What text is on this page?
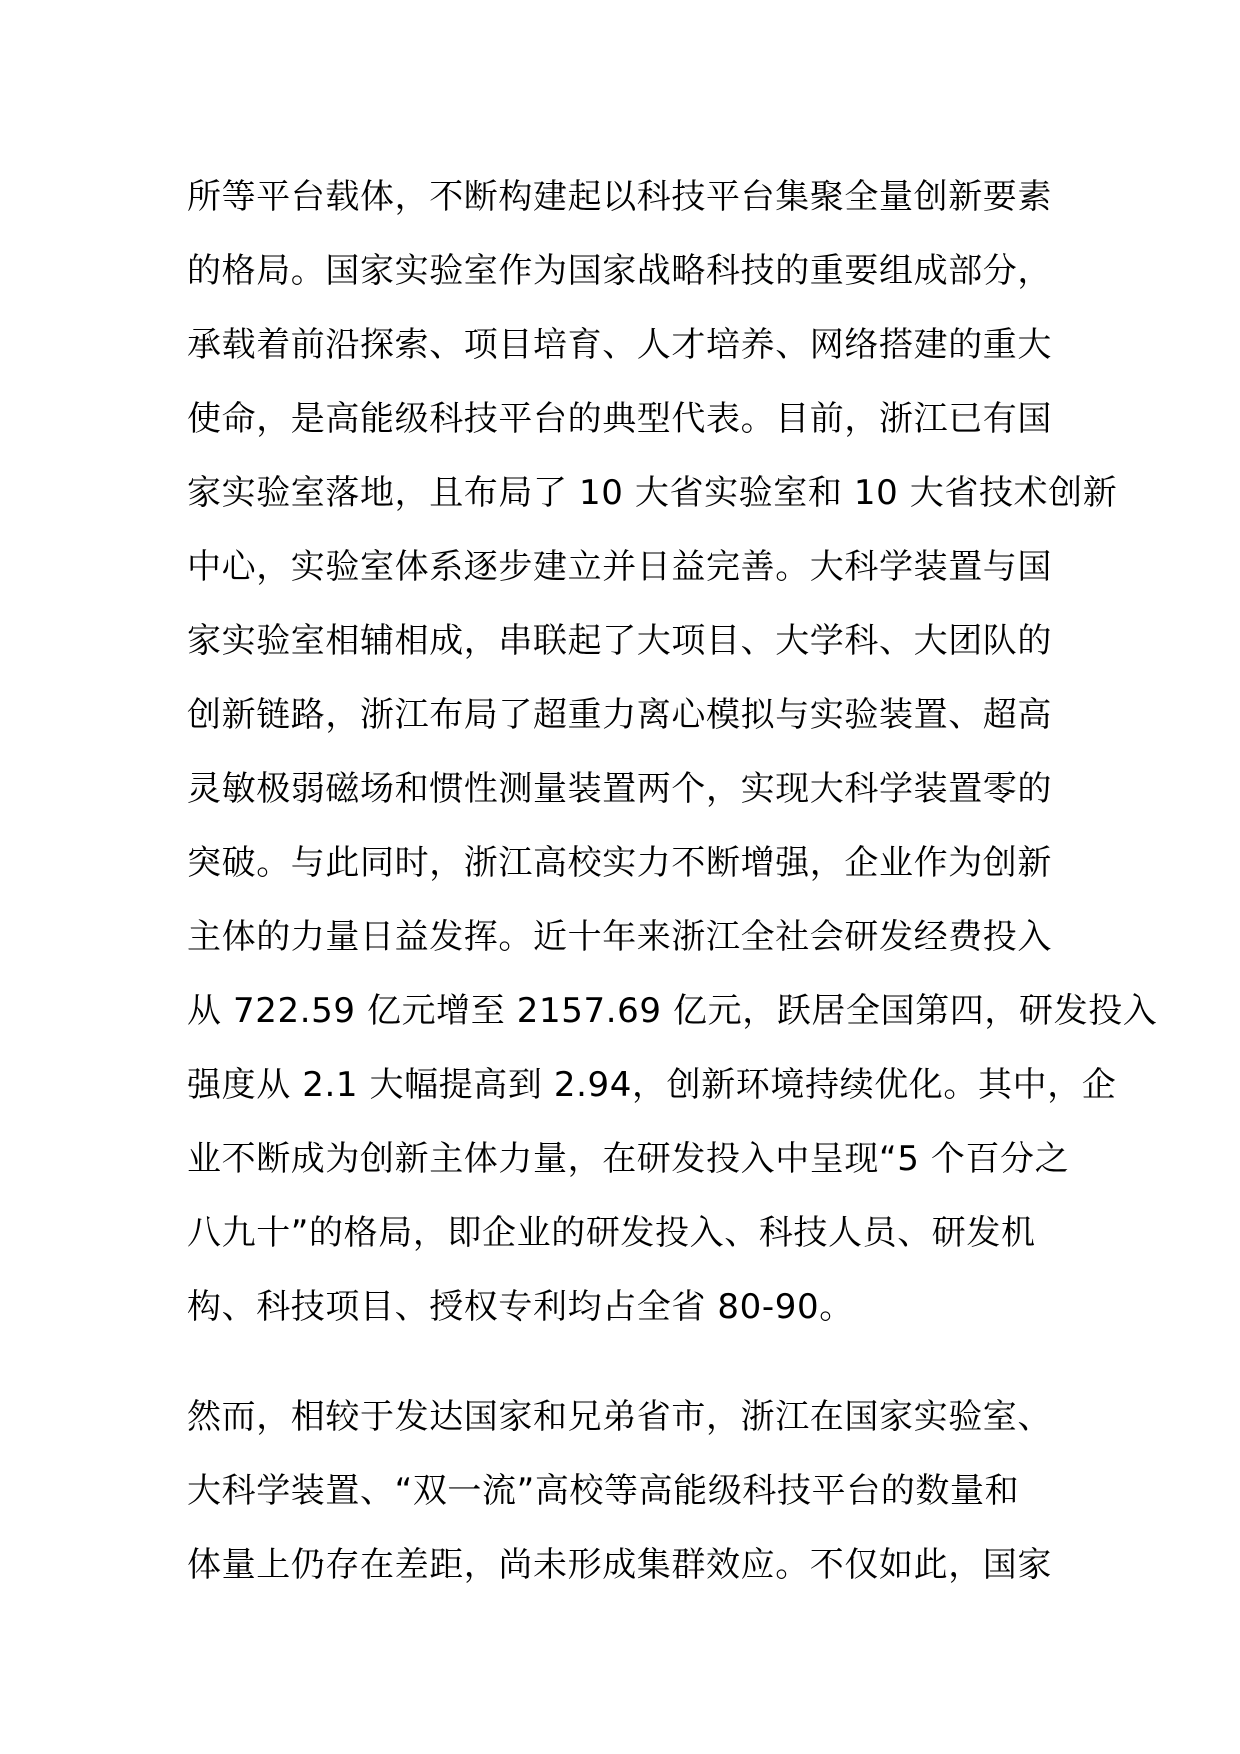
所等平台载体，不断构建起以科技平台集聚全量创新要素
的格局。国家实验室作为国家战略科技的重要组成部分，
承载着前沿探索、项目培育、人才培养、网络搭建的重大
使命，是高能级科技平台的典型代表。目前，浙江已有国
家实验室落地，且布局了 10 大省实验室和 10 大省技术创新
中心，实验室体系逐步建立并日益完善。大科学装置与国
家实验室相辅相成，串联起了大项目、大学科、大团队的
创新链路，浙江布局了超重力离心模拟与实验装置、超高
灵敏极弱磁场和惯性测量装置两个，实现大科学装置零的
突破。与此同时，浙江高校实力不断增强，企业作为创新
主体的力量日益发挥。近十年来浙江全社会研发经费投入
从 722.59 亿元增至 2157.69 亿元，跃居全国第四，研发投入
强度从 2.1 大幅提高到 2.94，创新环境持续优化。其中，企
业不断成为创新主体力量，在研发投入中呈现“5 个百分之
八九十”的格局，即企业的研发投入、科技人员、研发机
构、科技项目、授权专利均占全省 80-90。
然而，相较于发达国家和兄弟省市，浙江在国家实验室、
大科学装置、“双一流”高校等高能级科技平台的数量和
体量上仍存在差距，尚未形成集群效应。不仅如此，国家
